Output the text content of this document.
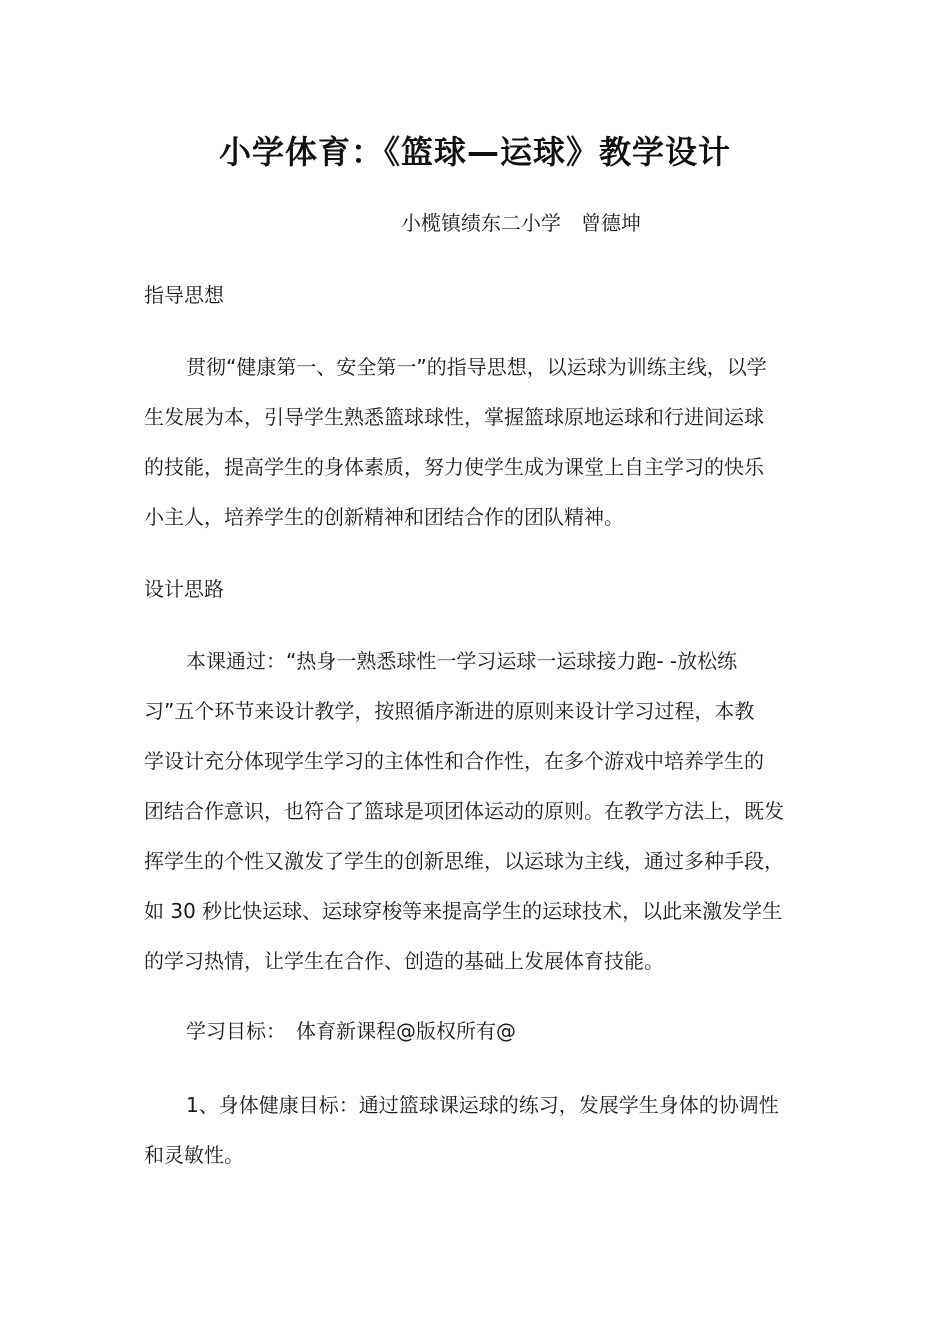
小学体育：《篮球—运球》教学设计
小榄镇绩东二小学　曾德坤
指导思想
贯彻“健康第一、安全第一”的指导思想，以运球为训练主线，以学
生发展为本，引导学生熟悉篮球球性，掌握篮球原地运球和行进间运球
的技能，提高学生的身体素质，努力使学生成为课堂上自主学习的快乐
小主人，培养学生的创新精神和团结合作的团队精神。
设计思路
本课通过：“热身一熟悉球性一学习运球一运球接力跑- -放松练
习”五个环节来设计教学，按照循序渐进的原则来设计学习过程，本教
学设计充分体现学生学习的主体性和合作性，在多个游戏中培养学生的
团结合作意识，也符合了篮球是项团体运动的原则。在教学方法上，既发
挥学生的个性又激发了学生的创新思维，以运球为主线，通过多种手段，
如 30 秒比快运球、运球穿梭等来提高学生的运球技术，以此来激发学生
的学习热情，让学生在合作、创造的基础上发展体育技能。
学习目标：　体育新课程@版权所有@
1、身体健康目标：通过篮球课运球的练习，发展学生身体的协调性
和灵敏性。
